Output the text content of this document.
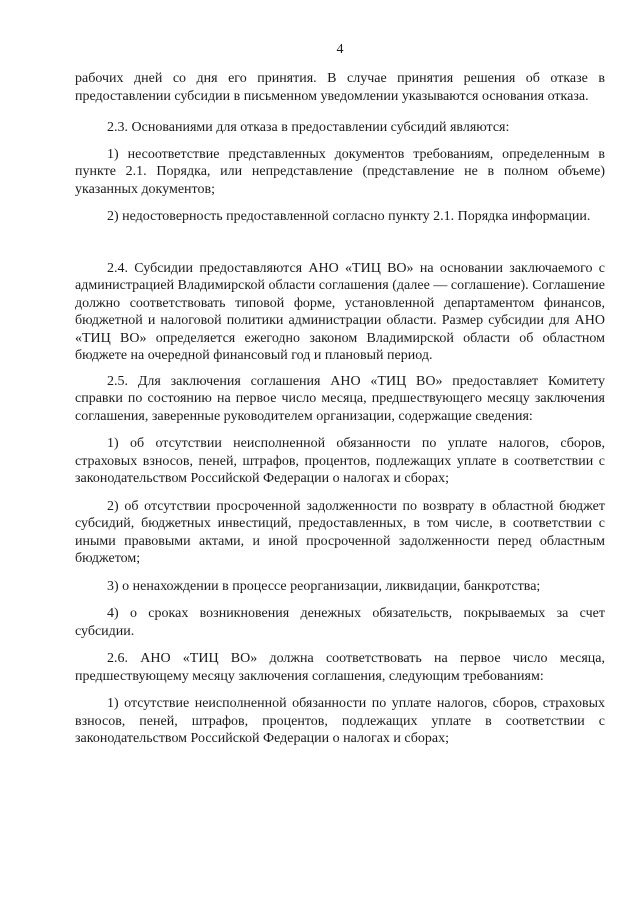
4

рабочих дней со дня его принятия. В случае принятия решения об отказе в предоставлении субсидии в письменном уведомлении указываются основания отказа.

2.3. Основаниями для отказа в предоставлении субсидий являются:

1) несоответствие представленных документов требованиям, определенным в пункте 2.1. Порядка, или непредставление (представление не в полном объеме) указанных документов;

2) недостоверность предоставленной согласно пункту 2.1. Порядка информации.

2.4. Субсидии предоставляются АНО «ТИЦ ВО» на основании заключаемого с администрацией Владимирской области соглашения (далее — соглашение). Соглашение должно соответствовать типовой форме, установленной департаментом финансов, бюджетной и налоговой политики администрации области. Размер субсидии для АНО «ТИЦ ВО» определяется ежегодно законом Владимирской области об областном бюджете на очередной финансовый год и плановый период.

2.5. Для заключения соглашения АНО «ТИЦ ВО» предоставляет Комитету справки по состоянию на первое число месяца, предшествующего месяцу заключения соглашения, заверенные руководителем организации, содержащие сведения:

1) об отсутствии неисполненной обязанности по уплате налогов, сборов, страховых взносов, пеней, штрафов, процентов, подлежащих уплате в соответствии с законодательством Российской Федерации о налогах и сборах;

2) об отсутствии просроченной задолженности по возврату в областной бюджет субсидий, бюджетных инвестиций, предоставленных, в том числе, в соответствии с иными правовыми актами, и иной просроченной задолженности перед областным бюджетом;

3) о ненахождении в процессе реорганизации, ликвидации, банкротства;

4) о сроках возникновения денежных обязательств, покрываемых за счет субсидии.

2.6. АНО «ТИЦ ВО» должна соответствовать на первое число месяца, предшествующему месяцу заключения соглашения, следующим требованиям:

1) отсутствие неисполненной обязанности по уплате налогов, сборов, страховых взносов, пеней, штрафов, процентов, подлежащих уплате в соответствии с законодательством Российской Федерации о налогах и сборах;
